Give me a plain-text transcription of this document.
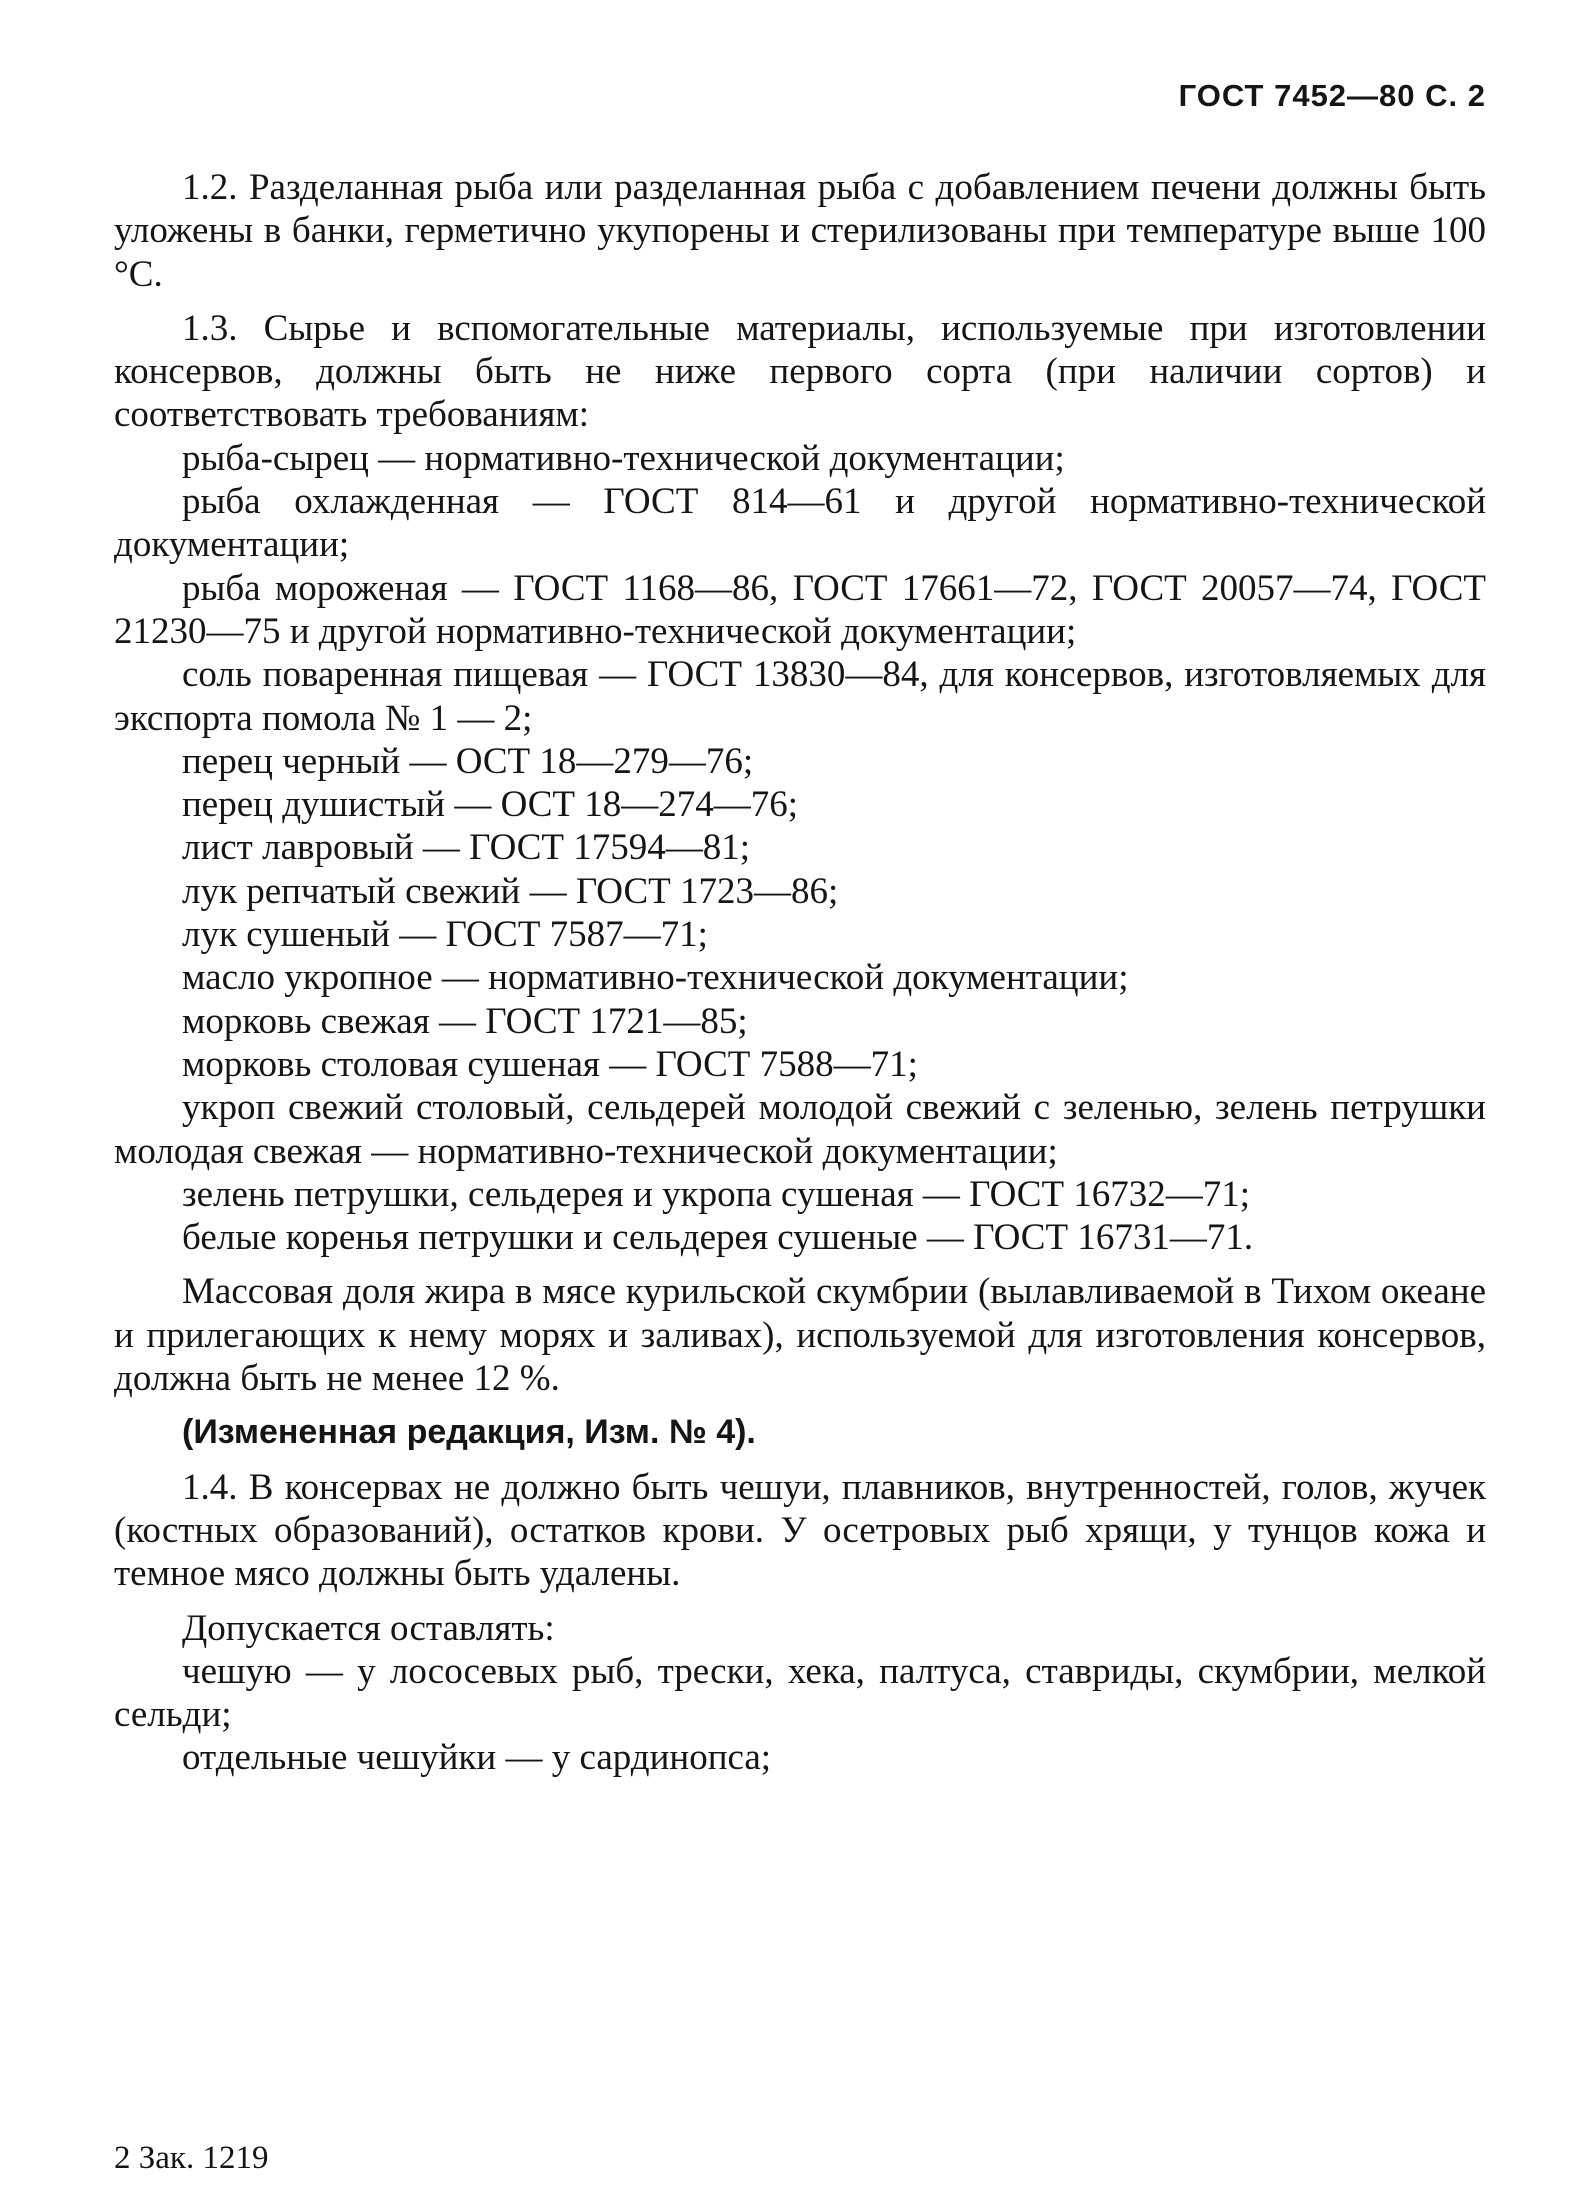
ГОСТ 7452—80 С. 2

1.2. Разделанная рыба или разделанная рыба с добавлением печени должны быть уложены в банки, герметично укупорены и стерилизованы при температуре выше 100 °С.

1.3. Сырье и вспомогательные материалы, используемые при изготовлении консервов, должны быть не ниже первого сорта (при наличии сортов) и соответствовать требованиям:

рыба-сырец — нормативно-технической документации;

рыба охлажденная — ГОСТ 814—61 и другой нормативно-технической документации;

рыба мороженая — ГОСТ 1168—86, ГОСТ 17661—72, ГОСТ 20057—74, ГОСТ 21230—75 и другой нормативно-технической документации;

соль поваренная пищевая — ГОСТ 13830—84, для консервов, изготовляемых для экспорта помола № 1 — 2;

перец черный — ОСТ 18—279—76;

перец душистый — ОСТ 18—274—76;

лист лавровый — ГОСТ 17594—81;

лук репчатый свежий — ГОСТ 1723—86;

лук сушеный — ГОСТ 7587—71;

масло укропное — нормативно-технической документации;

морковь свежая — ГОСТ 1721—85;

морковь столовая сушеная — ГОСТ 7588—71;

укроп свежий столовый, сельдерей молодой свежий с зеленью, зелень петрушки молодая свежая — нормативно-технической документации;

зелень петрушки, сельдерея и укропа сушеная — ГОСТ 16732—71;

белые коренья петрушки и сельдерея сушеные — ГОСТ 16731—71.

Массовая доля жира в мясе курильской скумбрии (вылавливаемой в Тихом океане и прилегающих к нему морях и заливах), используемой для изготовления консервов, должна быть не менее 12 %.

(Измененная редакция, Изм. № 4).

1.4. В консервах не должно быть чешуи, плавников, внутренностей, голов, жучек (костных образований), остатков крови. У осетровых рыб хрящи, у тунцов кожа и темное мясо должны быть удалены.

Допускается оставлять:

чешую — у лососевых рыб, трески, хека, палтуса, ставриды, скумбрии, мелкой сельди;

отдельные чешуйки — у сардинопса;

2 Зак. 1219
